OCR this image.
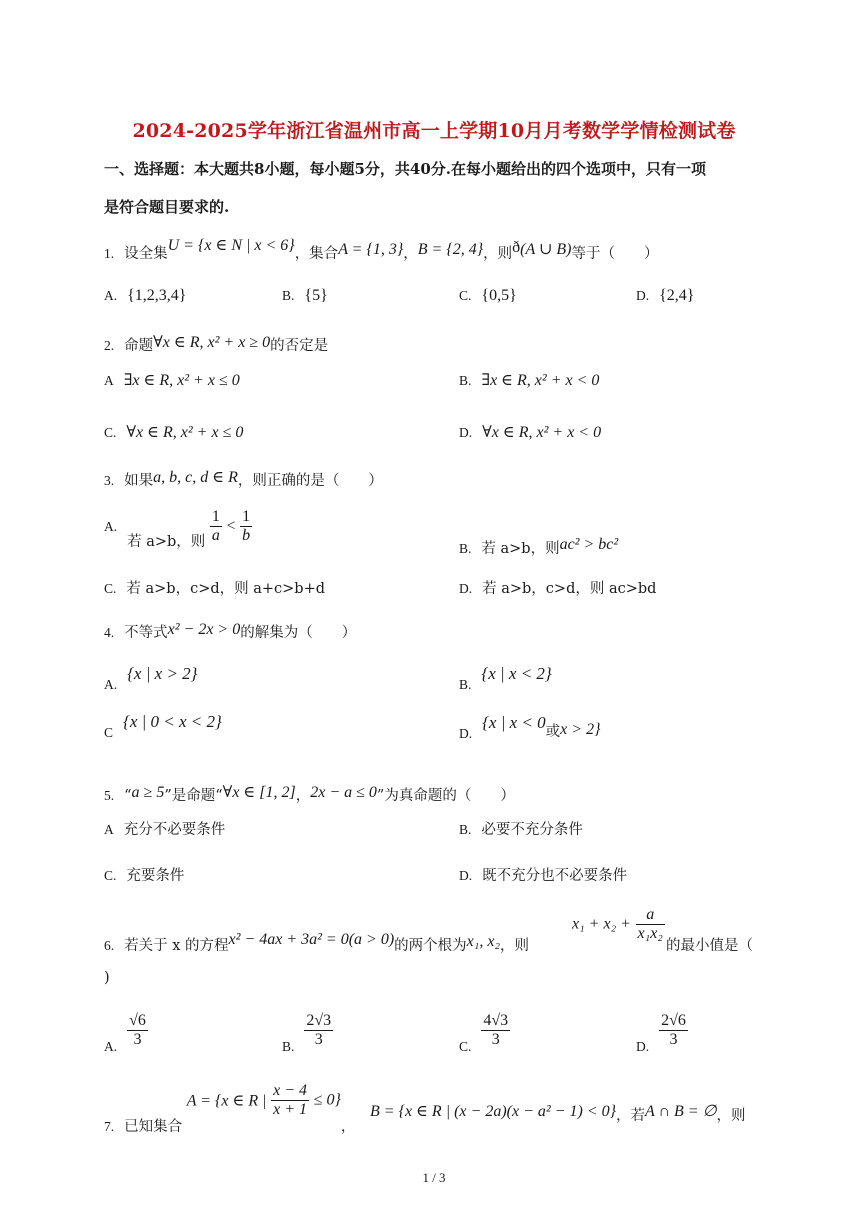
2024-2025学年浙江省温州市高一上学期10月月考数学学情检测试卷
一、选择题：本大题共8小题，每小题5分，共40分.在每小题给出的四个选项中，只有一项
是符合题目要求的.
1. 设全集U = {x ∈ N | x < 6}，集合A = {1, 3}，B = {2, 4}，则ð(A ∪ B)等于（　　）
A. {1,2,3,4}	B. {5}	C. {0,5}	D. {2,4}
2. 命题∀x ∈ R, x² + x ≥ 0的否定是
A ∃x ∈ R, x² + x ≤ 0	B. ∃x ∈ R, x² + x < 0
C. ∀x ∈ R, x² + x ≤ 0	D. ∀x ∈ R, x² + x < 0
3. 如果a, b, c, d ∈ R，则正确的是（　　）
A.若 a>b，则 $\frac{1}{a} < \frac{1}{b}$
B. 若 a>b，则ac² > bc²
C. 若 a>b，c>d，则 a+c>b+d	D. 若 a>b，c>d，则 ac>bd
4. 不等式x² − 2x > 0的解集为（　　）
A.{x | x > 2}
B.{x | x < 2}
C{x | 0 < x < 2}
D.{x | x < 0或x > 2}
5. “a ≥ 5”是命题“∀x ∈ [1, 2]，2x − a ≤ 0”为真命题的（　　）
A 充分不必要条件	B. 必要不充分条件
C. 充要条件	D. 既不充分也不必要条件
6. 若关于 x 的方程x² − 4ax + 3a² = 0(a > 0)的两个根为x₁, x₂，则
$x_1 + x_2 + \frac{a}{\text{x₁x₂}}$
的最小值是（
)
A. $\frac{√6}{3}$	B. $\frac{2√3}{3}$	C. $\frac{4√3}{3}$	D. $\frac{2√6}{3}$
7. 已知集合 A = {x ∈ R | $\frac{x - 4}{x + 1} \le 0$}，
B = {x ∈ R | (x − 2a)(x − a² − 1) < 0}，若A ∩ B = ∅，则
1 / 3
